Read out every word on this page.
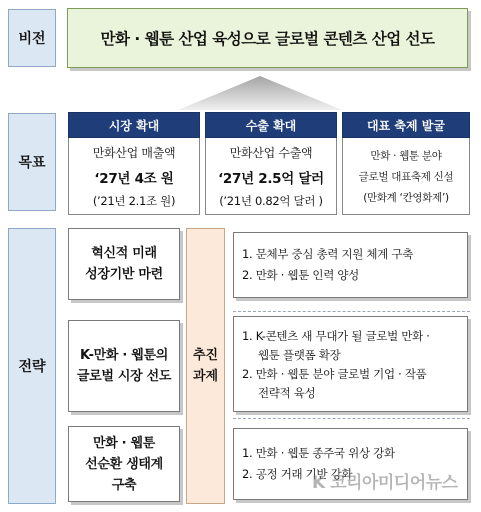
비전	만화 · 웹툰 산업 육성으로 글로벌 콘텐츠 산업 선도
목표
시장 확대
만화산업 매출액
‘27년 4조 원
(’21년 2.1조 원)
수출 확대
만화산업 수출액
‘27년 2.5억 달러
(’21년 0.82억 달러 )
대표 축제 발굴
만화 · 웹툰 분야
글로벌 대표축제 신설
(만화계 ‘칸영화제’)
전략
혁신적 미래
성장기반 마련
K-만화 · 웹툰의
글로벌 시장 선도
만화 · 웹툰
선순환 생태계
구축
추진
과제
1. 문체부 중심 총력 지원 체계 구축
2. 만화 · 웹툰 인력 양성
1. K-콘텐츠 새 무대가 될 글로벌 만화 ·
웹툰 플랫폼 확장
2. 만화 · 웹툰 분야 글로벌 기업 · 작품
전략적 육성
1. 만화 · 웹툰 종주국 위상 강화
2. 공정 거래 기반 강화
K 코리아미디어뉴스
